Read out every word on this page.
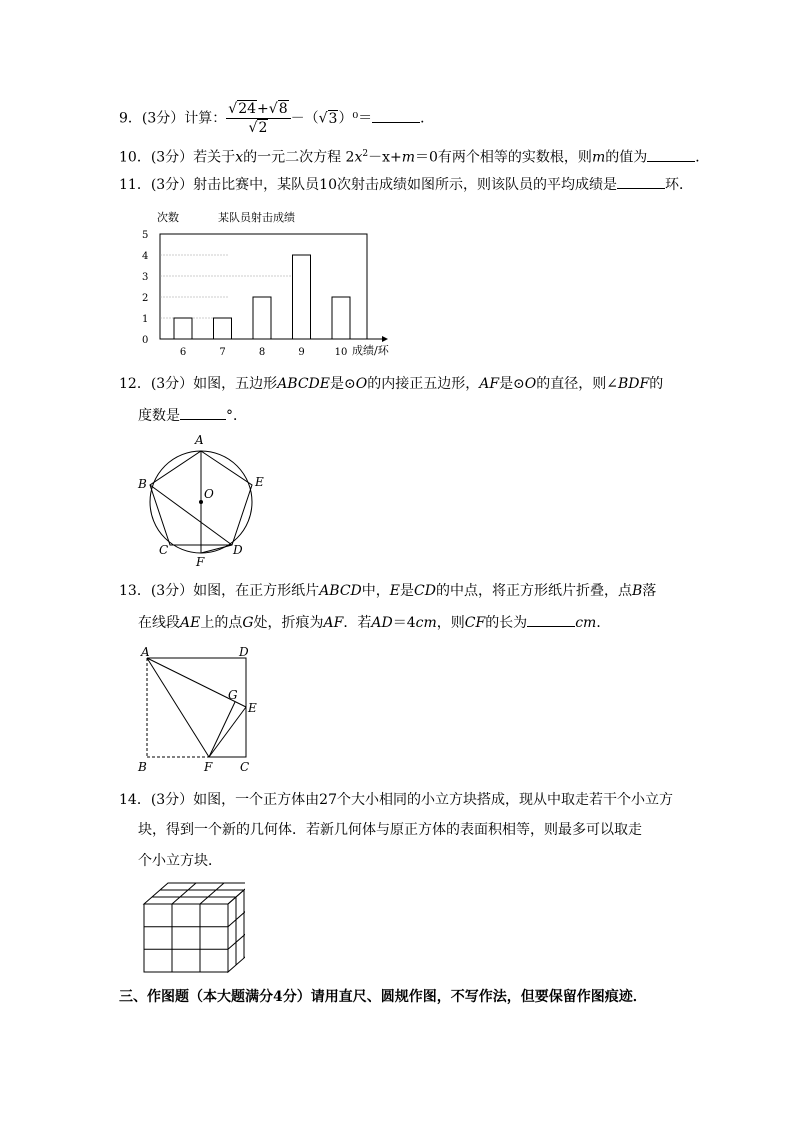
9．(3分）计算： $\frac{√24+√8}{√2} -(√3)^0=$	．
10．(3分）若关于x的一元二次方程 $2x^2-x+m=0$有两个相等的实数根，则m的值为	．
11．(3分）射击比赛中，某队员10次射击成绩如图所示，则该队员的平均成绩是	环．
0
1
2
3
4
5
6	7	8	9	10
次数	某队员射击成绩
成绩/环
12．(3分）如图，五边形ABCDE是⊙O的内接正五边形，AF是⊙O的直径，则∠BDF的
度数是	°．
A
B	E
O
C	D
F
13．(3分）如图，在正方形纸片ABCD中，E是CD的中点，将正方形纸片折叠，点B落
在线段AE上的点G处，折痕为AF．若AD＝4cm，则CF的长为	cm．
A	D
G
E
B	F C
14．(3分）如图，一个正方体由27个大小相同的小立方块搭成，现从中取走若干个小立方
块，得到一个新的几何体．若新几何体与原正方体的表面积相等，则最多可以取走
个小立方块．
三、作图题（本大题满分4分）请用直尺、圆规作图，不写作法，但要保留作图痕迹．
